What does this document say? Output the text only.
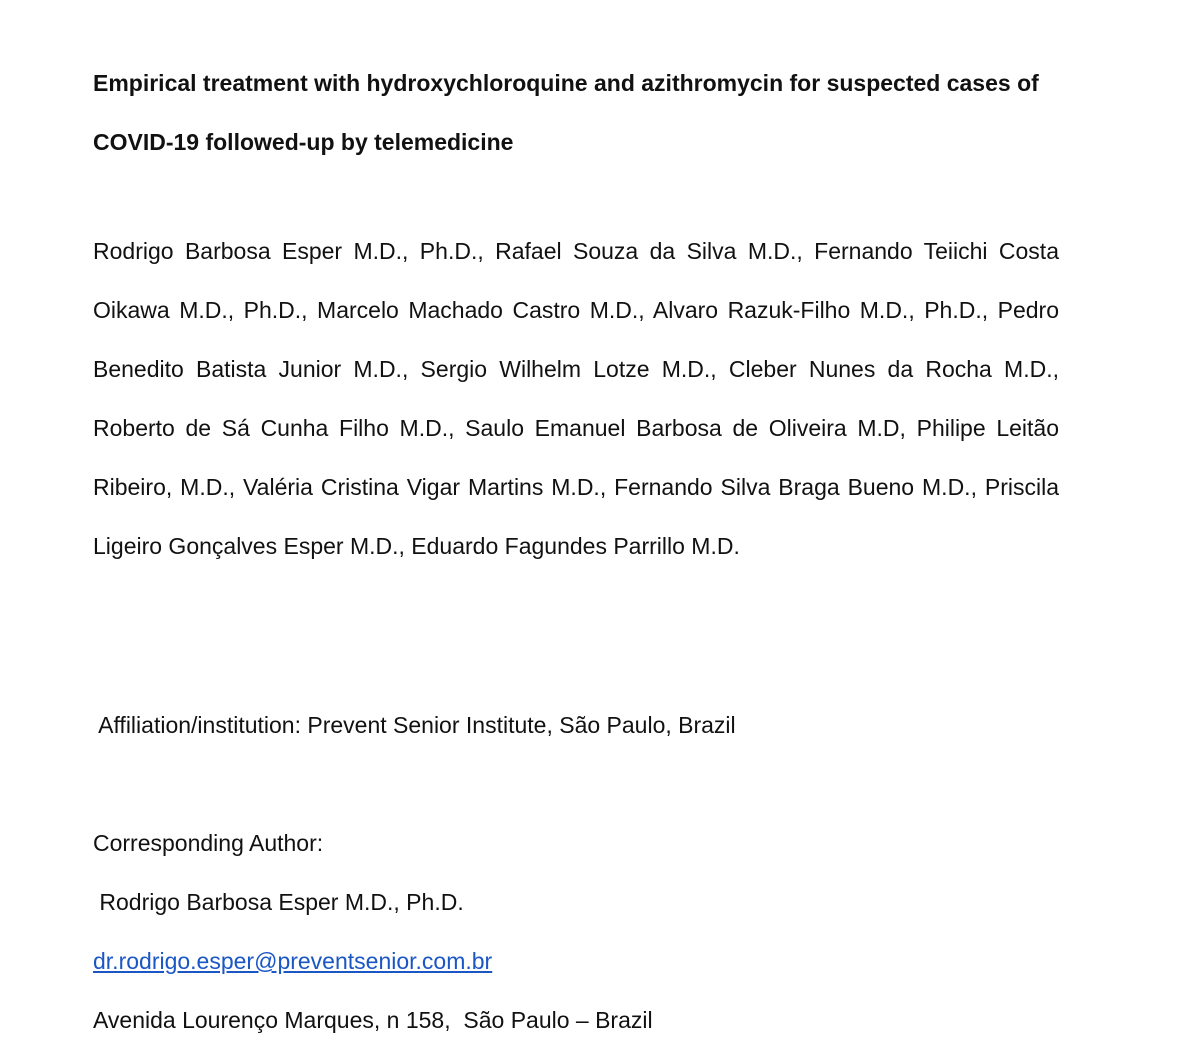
Empirical treatment with hydroxychloroquine and azithromycin for suspected cases of COVID-19 followed-up by telemedicine

Rodrigo Barbosa Esper M.D., Ph.D., Rafael Souza da Silva M.D., Fernando Teiichi Costa Oikawa M.D., Ph.D., Marcelo Machado Castro M.D., Alvaro Razuk-Filho M.D., Ph.D., Pedro Benedito Batista Junior M.D., Sergio Wilhelm Lotze M.D., Cleber Nunes da Rocha M.D., Roberto de Sá Cunha Filho M.D., Saulo Emanuel Barbosa de Oliveira M.D, Philipe Leitão Ribeiro, M.D., Valéria Cristina Vigar Martins M.D., Fernando Silva Braga Bueno M.D., Priscila Ligeiro Gonçalves Esper M.D., Eduardo Fagundes Parrillo M.D.

Affiliation/institution: Prevent Senior Institute, São Paulo, Brazil

Corresponding Author:

Rodrigo Barbosa Esper M.D., Ph.D.

dr.rodrigo.esper@preventsenior.com.br

Avenida Lourenço Marques, n 158,  São Paulo – Brazil
